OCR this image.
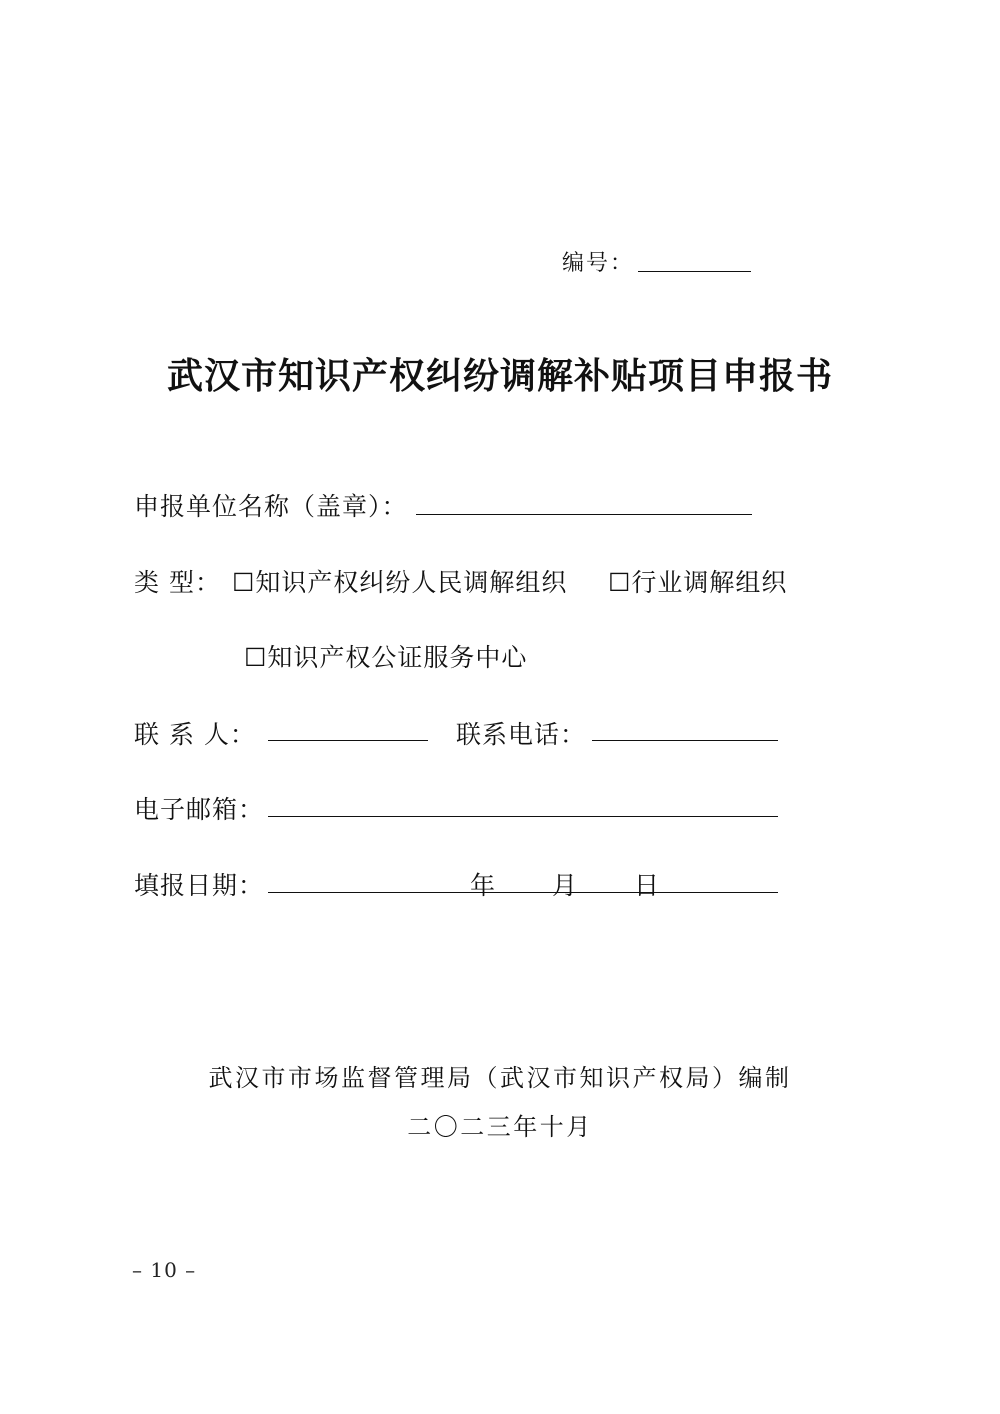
编号：
武汉市知识产权纠纷调解补贴项目申报书
申报单位名称（盖章）：
类 型： ☐知识产权纠纷人民调解组织 ☐行业调解组织
☐知识产权公证服务中心
联 系 人：	联系电话：
电子邮箱：
填报日期：	年 月 日
武汉市市场监督管理局（武汉市知识产权局）编制
二〇二三年十月
– 10 –
